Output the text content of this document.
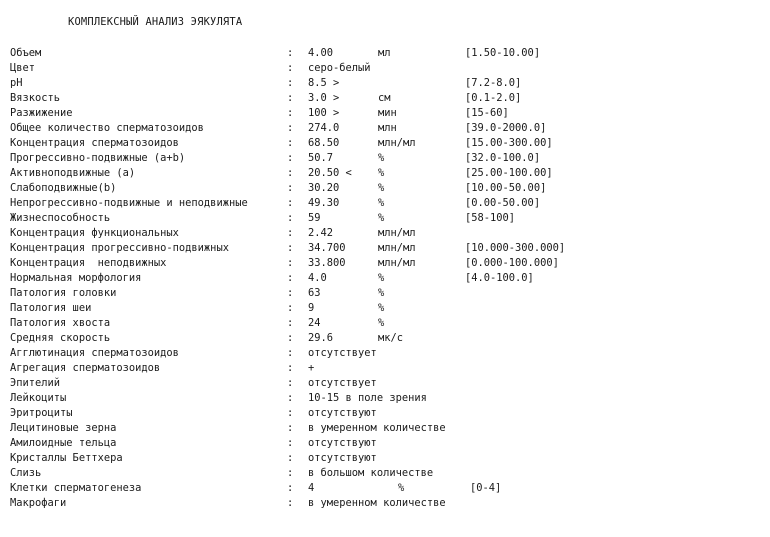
КОМПЛЕКСНЫЙ АНАЛИЗ ЭЯКУЛЯТА
Объем	: 4.00	мл	[1.50-10.00]
Цвет	: серо-белый
pH	: 8.5 >	[7.2-8.0]
Вязкость	: 3.0 >	см	[0.1-2.0]
Разжижение	: 100 >	мин	[15-60]
Общее количество сперматозоидов	: 274.0	млн	[39.0-2000.0]
Концентрация сперматозоидов	: 68.50	млн/мл	[15.00-300.00]
Прогрессивно-подвижные (a+b)	: 50.7	%	[32.0-100.0]
Активноподвижные (a)	: 20.50 <	%	[25.00-100.00]
Слабоподвижные(b)	: 30.20	%	[10.00-50.00]
Непрогрессивно-подвижные и неподвижные	: 49.30	%	[0.00-50.00]
Жизнеспособность	: 59	%	[58-100]
Концентрация функциональных	: 2.42	млн/мл
Концентрация прогрессивно-подвижных	: 34.700	млн/мл	[10.000-300.000]
Концентрация  неподвижных	: 33.800	млн/мл	[0.000-100.000]
Нормальная морфология	: 4.0	%	[4.0-100.0]
Патология головки	: 63	%
Патология шеи	: 9	%
Патология хвоста	: 24	%
Средняя скорость	: 29.6	мк/с
Агглютинация сперматозоидов	: отсутствует
Агрегация сперматозоидов	: +
Эпителий	: отсутствует
Лейкоциты	: 10-15 в поле зрения
Эритроциты	: отсутствуют
Лецитиновые зерна	: в умеренном количестве
Амилоидные тельца	: отсутствуют
Кристаллы Беттхера	: отсутствуют
Слизь	: в большом количестве
Клетки сперматогенеза	: 4	%	[0-4]
Макрофаги	: в умеренном количестве
